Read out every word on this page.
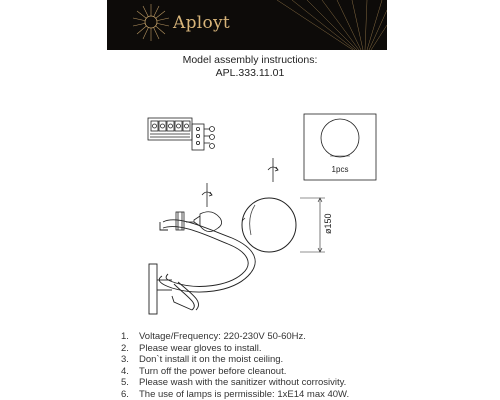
Aployt
Model assembly instructions:
APL.333.11.01
1pcs
ø150
1. Voltage/Frequency: 220-230V 50-60Hz.
2. Please wear gloves to install.
3. Don`t install it on the moist ceiling.
4. Turn off the power before cleanout.
5. Please wash with the sanitizer without corrosivity.
6. The use of lamps is permissible: 1xE14 max 40W.
